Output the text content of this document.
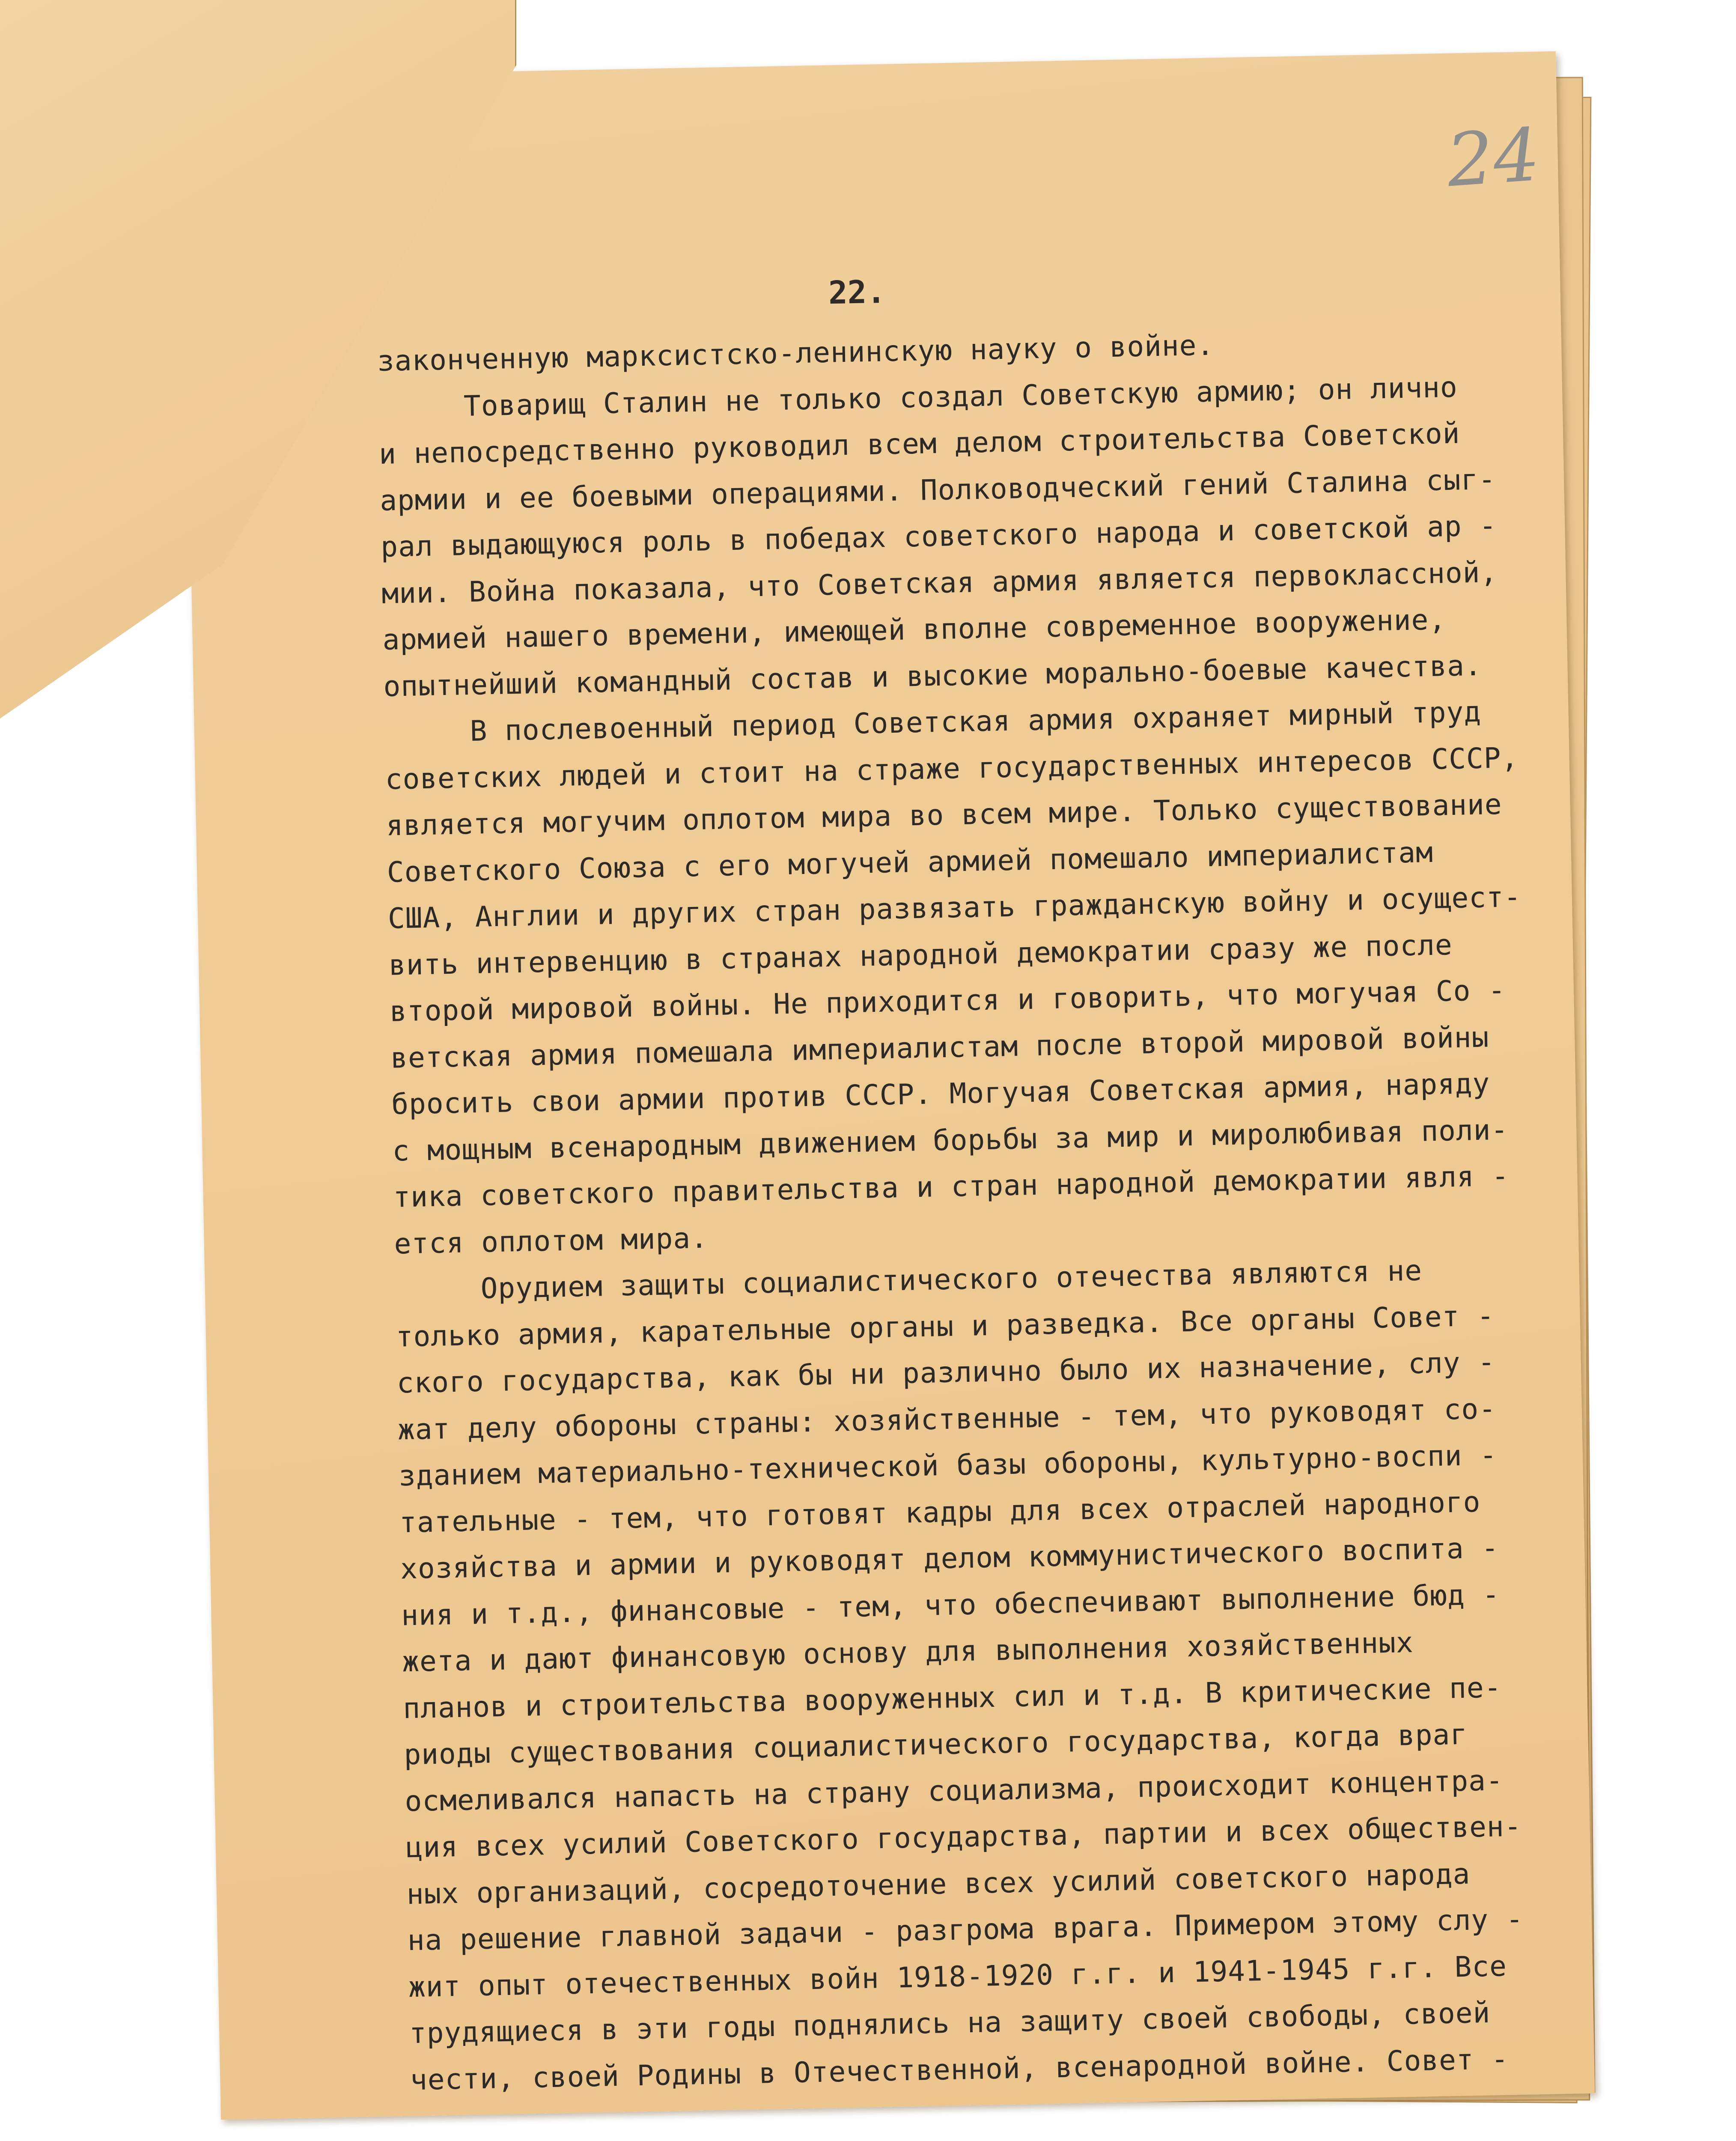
24
22.
законченную марксистско-ленинскую науку о войне.
Товарищ Сталин не только создал Советскую армию; он лично
и непосредственно руководил всем делом строительства Советской
армии и ее боевыми операциями. Полководческий гений Сталина сыг-
рал выдающуюся роль в победах советского народа и советской ар -
мии. Война показала, что Советская армия является первоклассной,
армией нашего времени, имеющей вполне современное вооружение,
опытнейший командный состав и высокие морально-боевые качества.
В послевоенный период Советская армия охраняет мирный труд
советских людей и стоит на страже государственных интересов СССР,
является могучим оплотом мира во всем мире. Только существование
Советского Союза с его могучей армией помешало империалистам
США, Англии и других стран развязать гражданскую войну и осущест-
вить интервенцию в странах народной демократии сразу же после
второй мировой войны. Не приходится и говорить, что могучая Со -
ветская армия помешала империалистам после второй мировой войны
бросить свои армии против СССР. Могучая Советская армия, наряду
с мощным всенародным движением борьбы за мир и миролюбивая поли-
тика советского правительства и стран народной демократии явля -
ется оплотом мира.
Орудием защиты социалистического отечества являются не
только армия, карательные органы и разведка. Все органы Совет -
ского государства, как бы ни различно было их назначение, слу -
жат делу обороны страны: хозяйственные - тем, что руководят со-
зданием материально-технической базы обороны, культурно-воспи -
тательные - тем, что готовят кадры для всех отраслей народного
хозяйства и армии и руководят делом коммунистического воспита -
ния и т.д., финансовые - тем, что обеспечивают выполнение бюд -
жета и дают финансовую основу для выполнения хозяйственных
планов и строительства вооруженных сил и т.д. В критические пе-
риоды существования социалистического государства, когда враг
осмеливался напасть на страну социализма, происходит концентра-
ция всех усилий Советского государства, партии и всех обществен-
ных организаций, сосредоточение всех усилий советского народа
на решение главной задачи - разгрома врага. Примером этому слу -
жит опыт отечественных войн 1918-1920 г.г. и 1941-1945 г.г. Все
трудящиеся в эти годы поднялись на защиту своей свободы, своей
чести, своей Родины в Отечественной, всенародной войне. Совет -
